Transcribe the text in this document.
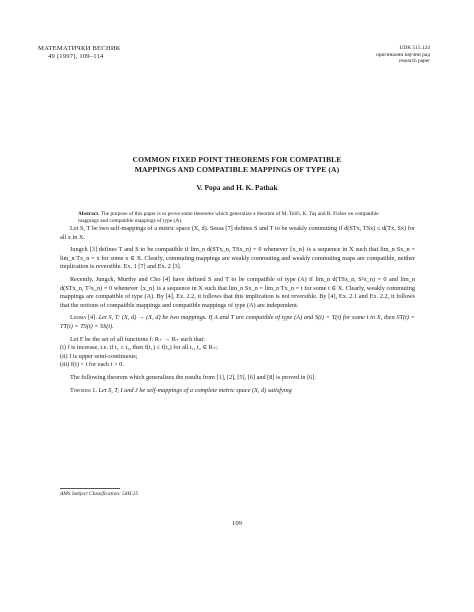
МАТЕМАТИЧКИ ВЕСНИК
49 (1997), 109–114
UDK 515.124
оригинални научни рад
research paper
COMMON FIXED POINT THEOREMS FOR COMPATIBLE
MAPPINGS AND COMPATIBLE MAPPINGS OF TYPE (A)
V. Popa and H. K. Pathak
Abstract. The purpose of this paper is to prove some theorems which generalize a theorem of M. Telči, K. Taş and B. Fisher on compatible mappings and compatible mappings of type (A).

Let S, T be two self-mappings of a metric space (X, d). Sessa [7] defines S and T to be weakly commuting if d(STx, TSx) ≤ d(Tx, Sx) for all x in X.

Jungck [3] defines T and S to be compatible if lim_n d(STx_n, TSx_n) = 0 whenever {x_n} is a sequence in X such that lim_n Sx_n = lim_n Tx_n = x for some x ∈ X. Clearly, commuting mappings are weakly commuting and weakly commuting maps are compatible, neither implication is reversible. Ex. 1 [7] and Ex. 2 [3].

Recently, Jungck, Murthy and Cho [4] have defined S and T to be compatible of type (A) if lim_n d(TSx_n, S²x_n) = 0 and lim_n d(STx_n, T²x_n) = 0 whenever {x_n} is a sequence in X such that lim_n Sx_n = lim_n Tx_n = t for some t ∈ X. Clearly, weakly commuting mappings are compatible of type (A). By [4], Ex. 2.2, it follows that this implication is not reversible. By [4], Ex. 2.1 and Ex. 2.2, it follows that the notions of compatible mappings and compatible mappings of type (A) are independent.

Lemma [4]. Let S, T: (X, d) → (X, d) be two mappings. If A and T are compatible of type (A) and S(t) = T(t) for some t in X, then ST(t) = TT(t) = TS(t) = SS(t).

Let F be the set of all functions f: R₊ → R₊ such that:

(i) f is increase, i.e. if t₁ ≤ t₂, then f(t₁) ≤ f(t₂) for all t₁, t₂ ∈ R₊;

(ii) f is upper semi-continuous;

(iii) f(t) < t for each t > 0.

The following theorem which generalizes the results from [1], [2], [5], [6] and [8] is proved in [6].

Theorem 1. Let S, T, I and J be self-mappings of a complete metric space (X, d) satisfying

AMS Subject Classification: 54H 25
109
